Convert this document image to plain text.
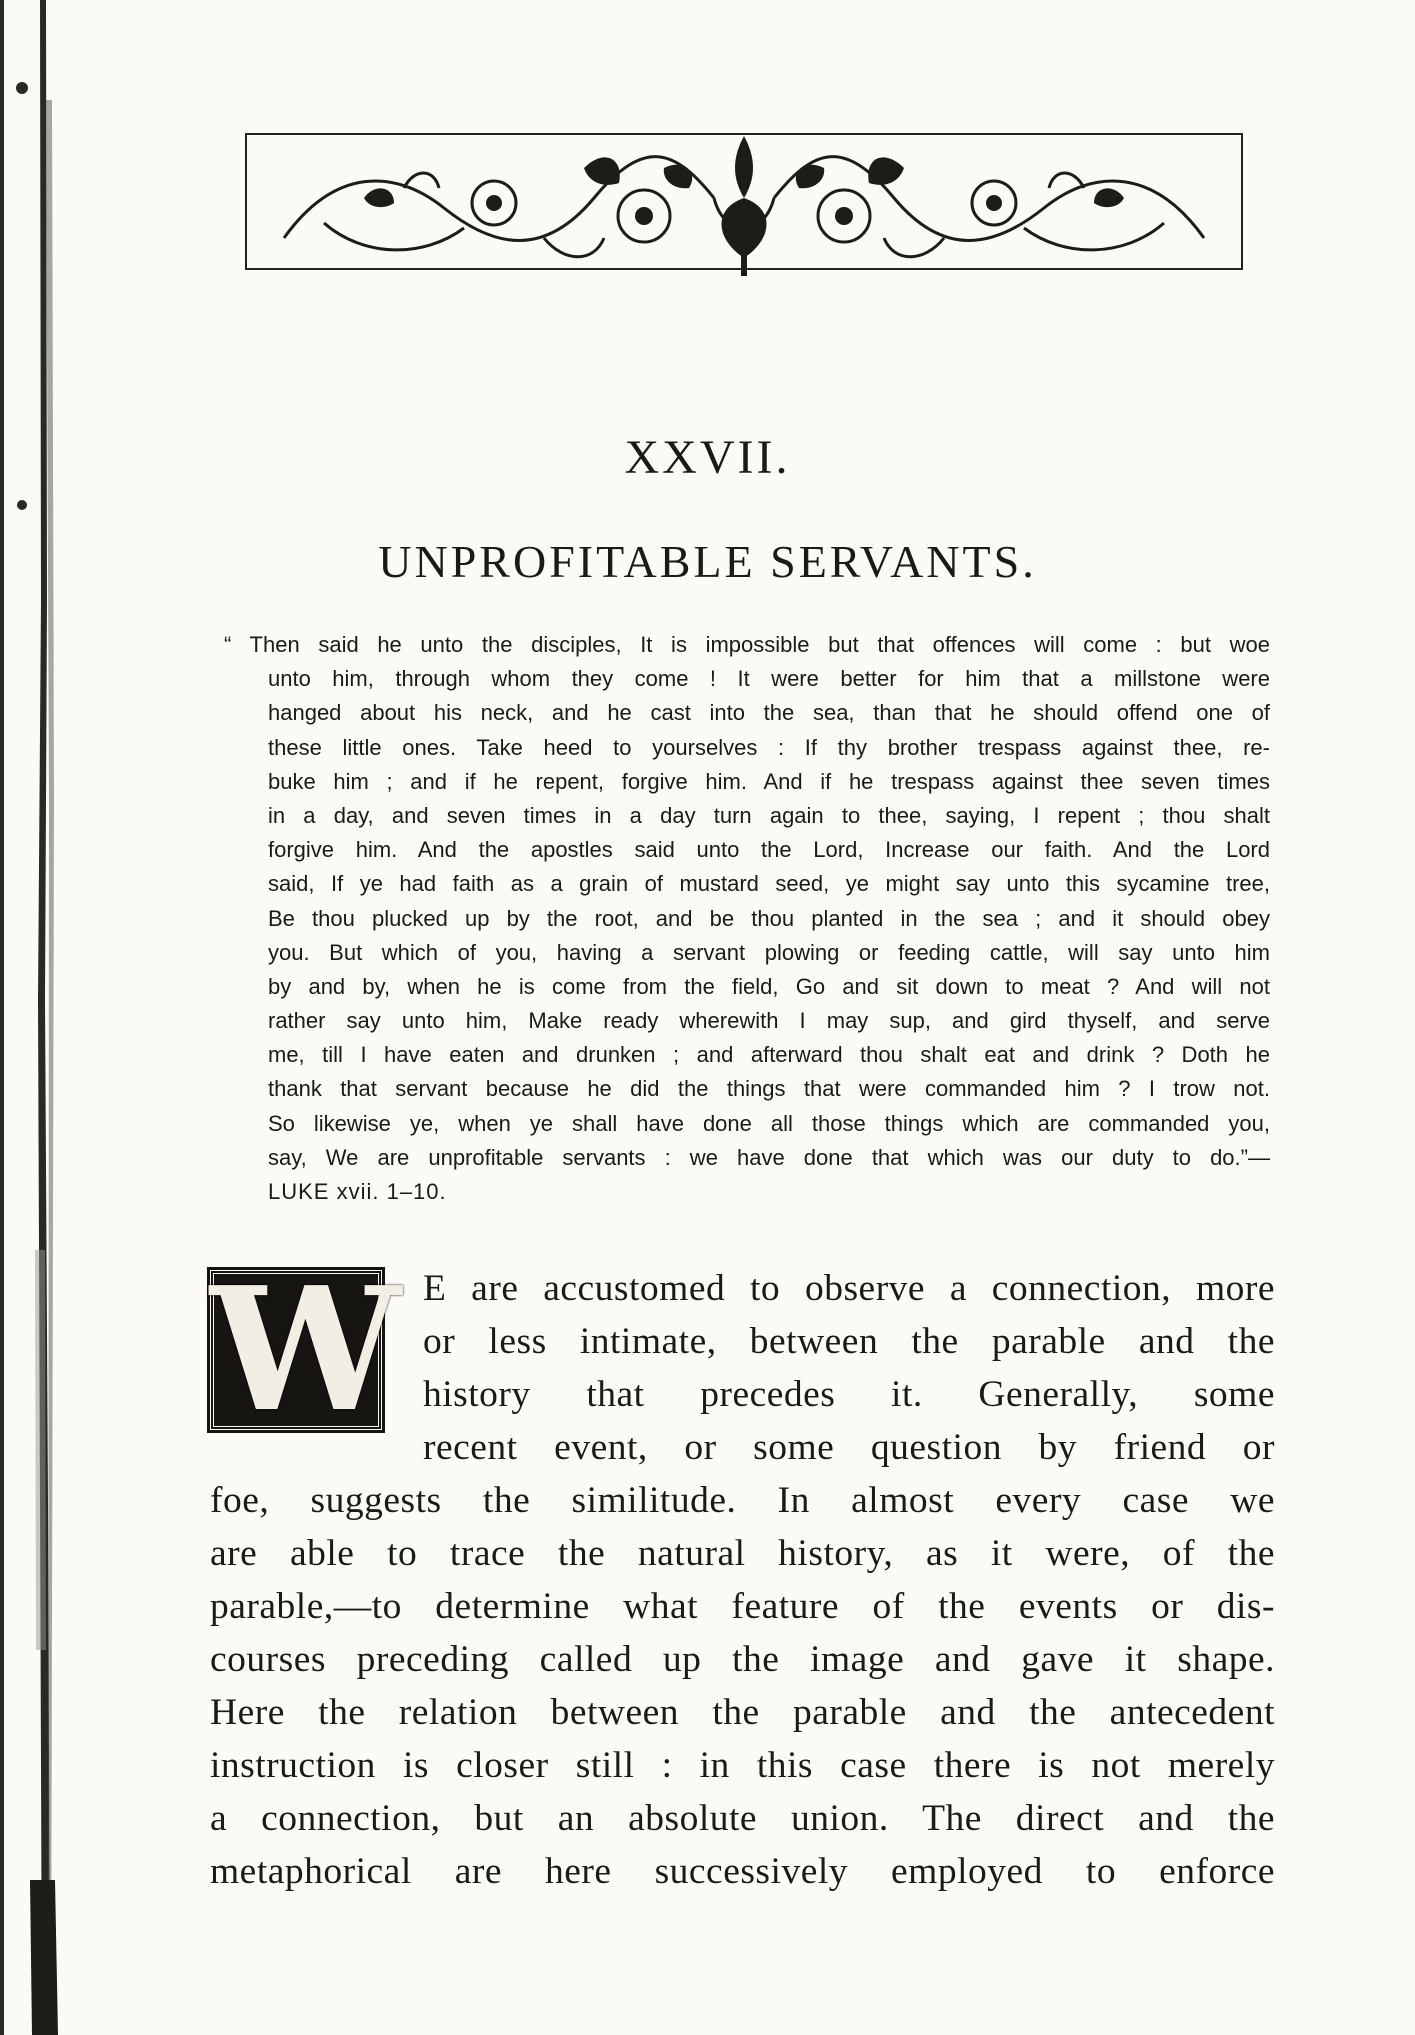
XXVII.
UNPROFITABLE SERVANTS.
“ Then said he unto the disciples, It is impossible but that offences will come : but woe
unto him, through whom they come ! It were better for him that a millstone were
hanged about his neck, and he cast into the sea, than that he should offend one of
these little ones. Take heed to yourselves : If thy brother trespass against thee, re-
buke him ; and if he repent, forgive him. And if he trespass against thee seven times
in a day, and seven times in a day turn again to thee, saying, I repent ; thou shalt
forgive him. And the apostles said unto the Lord, Increase our faith. And the Lord
said, If ye had faith as a grain of mustard seed, ye might say unto this sycamine tree,
Be thou plucked up by the root, and be thou planted in the sea ; and it should obey
you. But which of you, having a servant plowing or feeding cattle, will say unto him
by and by, when he is come from the field, Go and sit down to meat ? And will not
rather say unto him, Make ready wherewith I may sup, and gird thyself, and serve
me, till I have eaten and drunken ; and afterward thou shalt eat and drink ? Doth he
thank that servant because he did the things that were commanded him ? I trow not.
So likewise ye, when ye shall have done all those things which are commanded you,
say, We are unprofitable servants : we have done that which was our duty to do.”—
LUKE xvii. 1–10.
W E are accustomed to observe a connection, more
or less intimate, between the parable and the
history that precedes it. Generally, some
recent event, or some question by friend or
foe, suggests the similitude. In almost every case we
are able to trace the natural history, as it were, of the
parable,—to determine what feature of the events or dis-
courses preceding called up the image and gave it shape.
Here the relation between the parable and the antecedent
instruction is closer still : in this case there is not merely
a connection, but an absolute union. The direct and the
metaphorical are here successively employed to enforce
